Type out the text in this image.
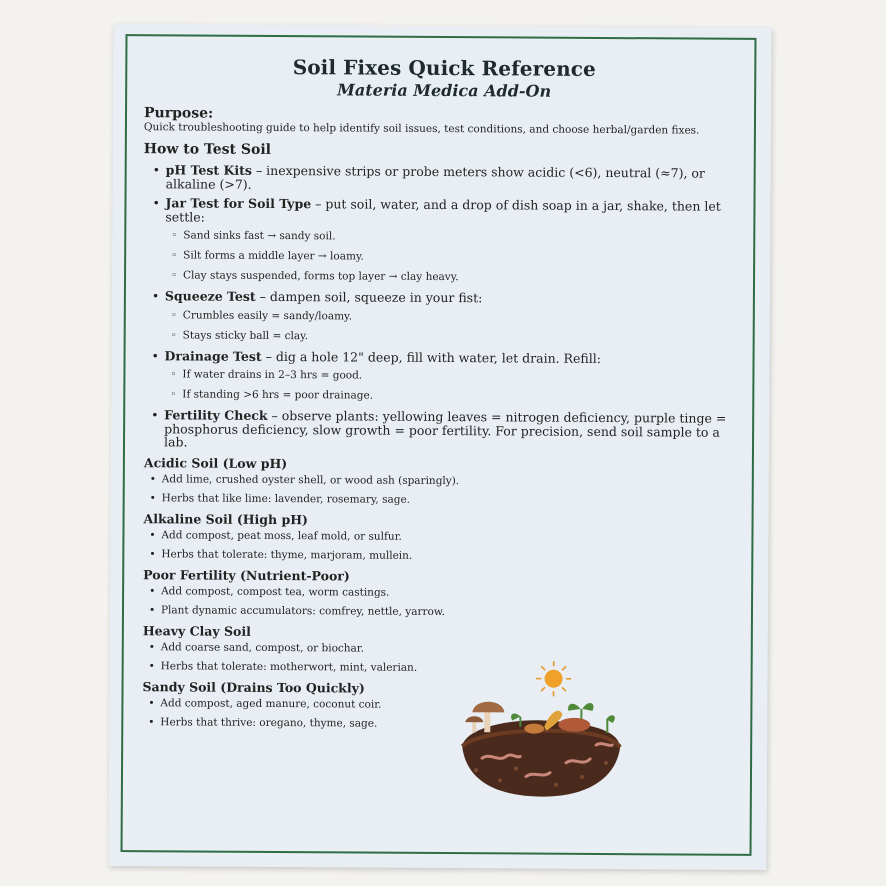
Soil Fixes Quick Reference
Materia Medica Add-On
Purpose:
Quick troubleshooting guide to help identify soil issues, test conditions, and choose herbal/garden fixes.
How to Test Soil
• pH Test Kits – inexpensive strips or probe meters show acidic (<6), neutral (≈7), or alkaline (>7).
• Jar Test for Soil Type – put soil, water, and a drop of dish soap in a jar, shake, then let settle:
◦ Sand sinks fast → sandy soil.
◦ Silt forms a middle layer → loamy.
◦ Clay stays suspended, forms top layer → clay heavy.
• Squeeze Test – dampen soil, squeeze in your fist:
◦ Crumbles easily = sandy/loamy.
◦ Stays sticky ball = clay.
• Drainage Test – dig a hole 12" deep, fill with water, let drain. Refill:
◦ If water drains in 2–3 hrs = good.
◦ If standing >6 hrs = poor drainage.
• Fertility Check – observe plants: yellowing leaves = nitrogen deficiency, purple tinge = phosphorus deficiency, slow growth = poor fertility. For precision, send soil sample to a lab.
Acidic Soil (Low pH)
• Add lime, crushed oyster shell, or wood ash (sparingly).
• Herbs that like lime: lavender, rosemary, sage.
Alkaline Soil (High pH)
• Add compost, peat moss, leaf mold, or sulfur.
• Herbs that tolerate: thyme, marjoram, mullein.
Poor Fertility (Nutrient-Poor)
• Add compost, compost tea, worm castings.
• Plant dynamic accumulators: comfrey, nettle, yarrow.
Heavy Clay Soil
• Add coarse sand, compost, or biochar.
• Herbs that tolerate: motherwort, mint, valerian.
Sandy Soil (Drains Too Quickly)
• Add compost, aged manure, coconut coir.
• Herbs that thrive: oregano, thyme, sage.
